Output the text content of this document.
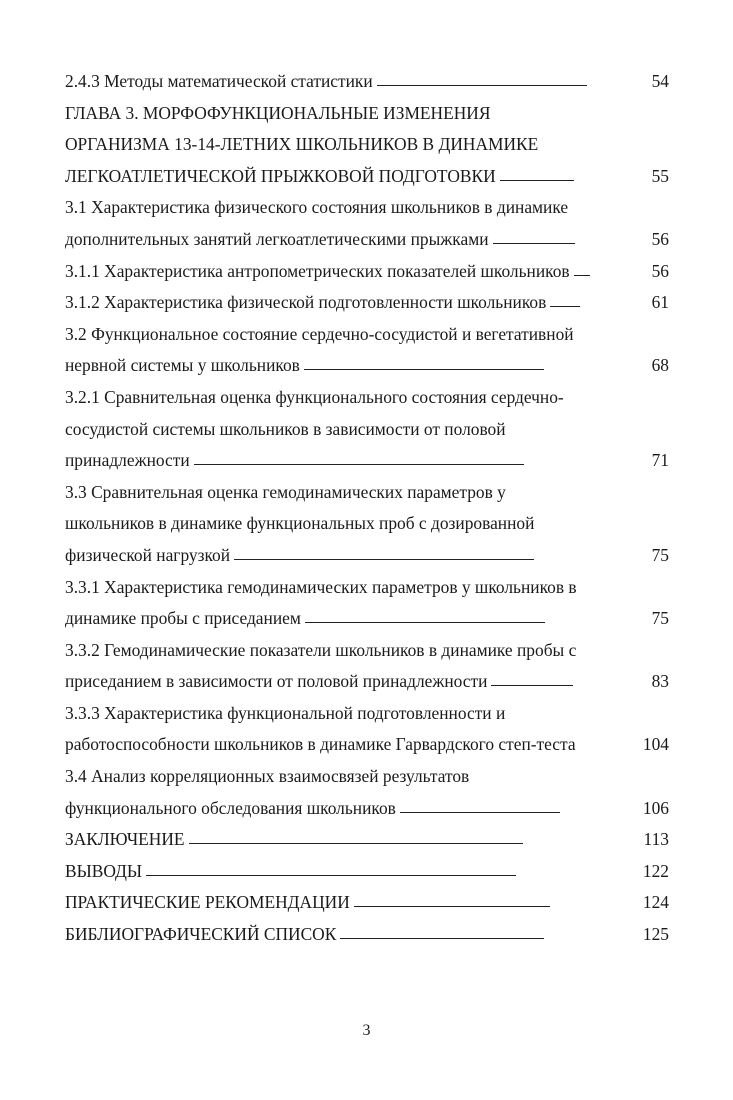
2.4.3 Методы математической статистики	54
ГЛАВА 3. МОРФОФУНКЦИОНАЛЬНЫЕ ИЗМЕНЕНИЯ
ОРГАНИЗМА 13-14-ЛЕТНИХ ШКОЛЬНИКОВ В ДИНАМИКЕ
ЛЕГКОАТЛЕТИЧЕСКОЙ ПРЫЖКОВОЙ ПОДГОТОВКИ	55
3.1 Характеристика физического состояния школьников в динамике
дополнительных занятий легкоатлетическими прыжками	56
3.1.1 Характеристика антропометрических показателей школьников	56
3.1.2 Характеристика физической подготовленности школьников	61
3.2 Функциональное состояние сердечно-сосудистой и вегетативной
нервной системы у школьников	68
3.2.1 Сравнительная оценка функционального состояния сердечно-
сосудистой системы школьников в зависимости от половой
принадлежности	71
3.3 Сравнительная оценка гемодинамических параметров у
школьников в динамике функциональных проб с дозированной
физической нагрузкой	75
3.3.1 Характеристика гемодинамических параметров у школьников в
динамике пробы с приседанием	75
3.3.2 Гемодинамические показатели школьников в динамике пробы с
приседанием в зависимости от половой принадлежности	83
3.3.3 Характеристика функциональной подготовленности и
работоспособности школьников в динамике Гарвардского степ-теста	104
3.4 Анализ корреляционных взаимосвязей результатов
функционального обследования школьников	106
ЗАКЛЮЧЕНИЕ	113
ВЫВОДЫ	122
ПРАКТИЧЕСКИЕ РЕКОМЕНДАЦИИ	124
БИБЛИОГРАФИЧЕСКИЙ СПИСОК	125
3
